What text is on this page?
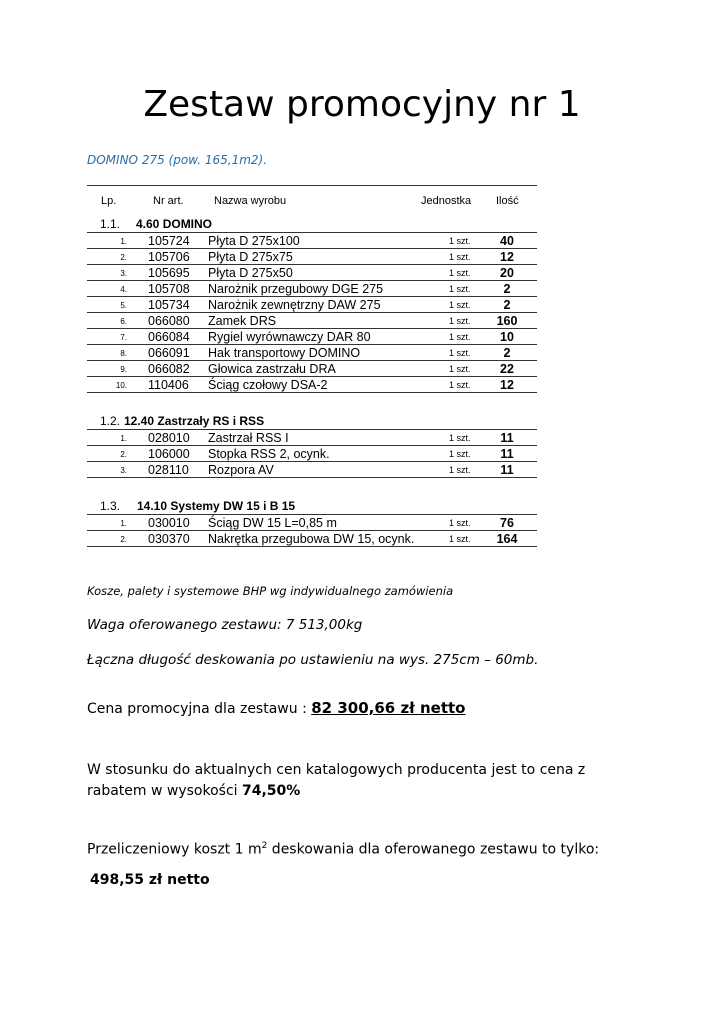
Zestaw promocyjny nr 1
DOMINO 275 (pow. 165,1m2).
Lp.	Nr art.	Nazwa wyrobu	Jednostka Ilość
1.1. 4.60 DOMINO
1. 105724 Płyta D 275x100	1 szt.	40
2. 105706 Płyta D 275x75	1 szt.	12
3. 105695 Płyta D 275x50	1 szt.	20
4. 105708 Narożnik przegubowy DGE 275	1 szt.	2
5. 105734 Narożnik zewnętrzny DAW 275	1 szt.	2
6. 066080 Zamek DRS	1 szt.	160
7. 066084 Rygiel wyrównawczy DAR 80	1 szt.	10
8. 066091 Hak transportowy DOMINO	1 szt.	2
9. 066082 Głowica zastrzału DRA	1 szt.	22
10. 110406 Ściąg czołowy DSA-2	1 szt.	12
1.2. 12.40 Zastrzały RS i RSS
1. 028010 Zastrzał RSS I	1 szt.	11
2. 106000 Stopka RSS 2, ocynk.	1 szt.	11
3. 028110 Rozpora AV	1 szt.	11
1.3. 14.10 Systemy DW 15 i B 15
1. 030010 Ściąg DW 15 L=0,85 m	1 szt.	76
2. 030370 Nakrętka przegubowa DW 15, ocynk.	1 szt.	164
Kosze, palety i systemowe BHP wg indywidualnego zamówienia
Waga oferowanego zestawu: 7 513,00kg
Łączna długość deskowania po ustawieniu na wys. 275cm – 60mb.
Cena promocyjna dla zestawu : 82 300,66 zł netto
W stosunku do aktualnych cen katalogowych producenta jest to cena z rabatem w wysokości 74,50%
Przeliczeniowy koszt 1 $m^2$ deskowania dla oferowanego zestawu to tylko:
498,55 zł netto
